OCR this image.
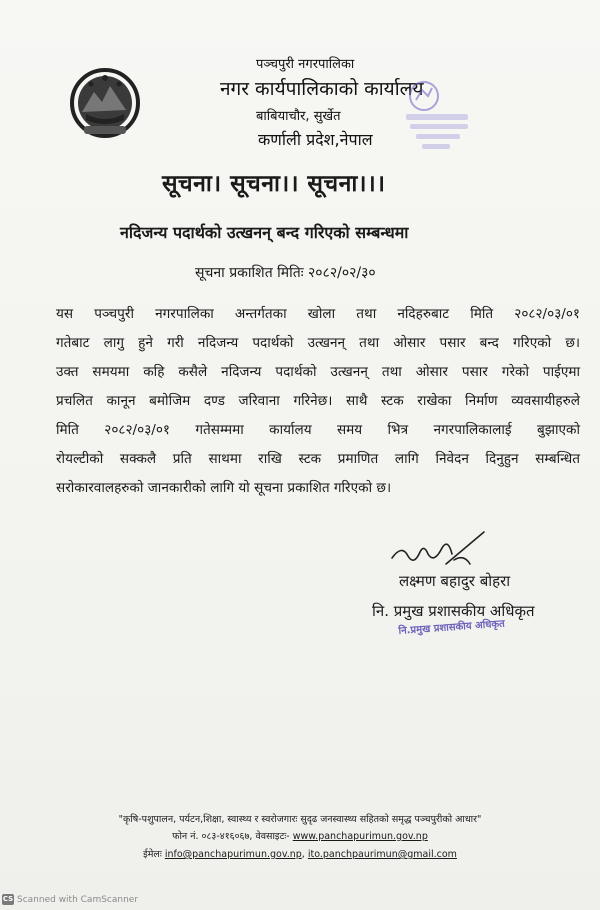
पञ्चपुरी नगरपालिका
नगर कार्यपालिकाको कार्यालय
बाबियाचौर, सुर्खेत
कर्णाली प्रदेश,नेपाल
सूचना। सूचना।। सूचना।।।
नदिजन्य पदार्थको उत्खनन् बन्द गरिएको सम्बन्धमा
सूचना प्रकाशित मितिः २०८२/०२/३०
यस पञ्चपुरी नगरपालिका अन्तर्गतका खोला तथा नदिहरुबाट मिति २०८२/०३/०१
गतेबाट लागु हुने गरी नदिजन्य पदार्थको उत्खनन् तथा ओसार पसार बन्द गरिएको छ।
उक्त समयमा कहि कसैले नदिजन्य पदार्थको उत्खनन् तथा ओसार पसार गरेको पाईएमा
प्रचलित कानून बमोजिम दण्ड जरिवाना गरिनेछ। साथै स्टक राखेका निर्माण व्यवसायीहरुले
मिति २०८२/०३/०१ गतेसम्ममा कार्यालय समय भित्र नगरपालिकालाई बुझाएको
रोयल्टीको सक्कलै प्रति साथमा राखि स्टक प्रमाणित लागि निवेदन दिनुहुन सम्बन्धित
सरोकारवालहरुको जानकारीको लागि यो सूचना प्रकाशित गरिएको छ।
लक्ष्मण बहादुर बोहरा
नि. प्रमुख प्रशासकीय अधिकृत
नि.प्रमुख प्रशासकीय अधिकृत
"कृषि-पशुपालन, पर्यटन,शिक्षा, स्वास्थ्य र स्वरोजगारः सुदृढ जनस्वास्थ्य सहितको समृद्ध पञ्चपुरीको आधार"
फोन नं. ०८३-४१६०६७, वेवसाइटः- www.panchapurimun.gov.np
ईमेलः info@panchapurimun.gov.np, ito.panchpaurimun@gmail.com
CS Scanned with CamScanner
